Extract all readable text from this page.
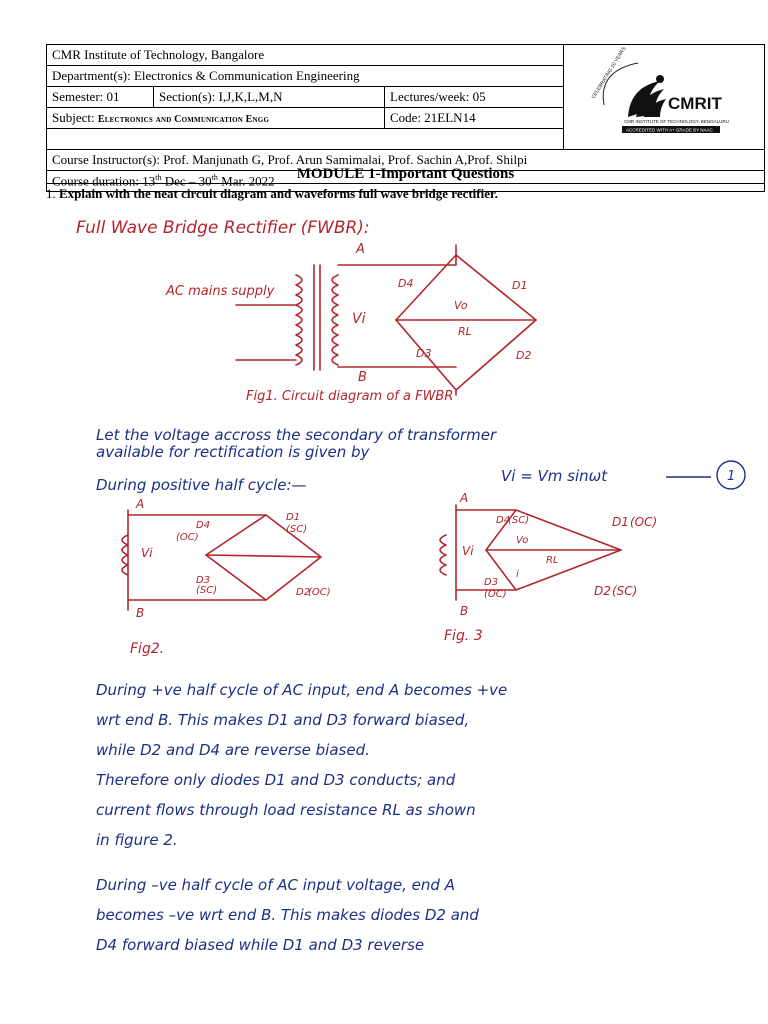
CMR Institute of Technology, Bangalore			CELEBRATING 20 YEARS
CMRIT
CMR INSTITUTE OF TECHNOLOGY, BENGALURU
ACCREDITED WITH A+ GRADE BY NAAC

Department(s): Electronics & Communication Engineering			
Semester: 01	Section(s): I,J,K,L,M,N	Lectures/week: 05	
Subject: Electronics and Communication Engg		Code: 21ELN14	

Course Instructor(s): Prof. Manjunath G, Prof. Arun Samimalai, Prof. Sachin A,Prof. Shilpi			
Course duration: 13th Dec – 30th Mar. 2022				MODULE 1-Important Questions
1. Explain with the neat circuit diagram and waveforms full wave bridge rectifier.
Full Wave Bridge Rectifier (FWBR):
AC mains supply
Vi
A
B
D4	D1
D3	D2
Vo
RL
Fig1. Circuit diagram of a FWBR
Let the voltage accross the secondary of transformer
available for rectification is given by
During positive half cycle:—	Vi = Vm sinωt	1
A
B
Vi
D4
(OC)
D1
(SC)
D3
(SC)	D2
(OC)
Fig2.
A
B
Vi
D4
(SC)	D1 (OC)
Vo
RL
i
D3
(OC)	D2 (SC)
Fig. 3
During +ve half cycle of AC input, end A becomes +ve
wrt end B. This makes D1 and D3 forward biased,
while D2 and D4 are reverse biased.
Therefore only diodes D1 and D3 conducts; and
current flows through load resistance RL as shown
in figure 2.
During –ve half cycle of AC input voltage, end A
becomes –ve wrt end B. This makes diodes D2 and
D4 forward biased while D1 and D3 reverse
